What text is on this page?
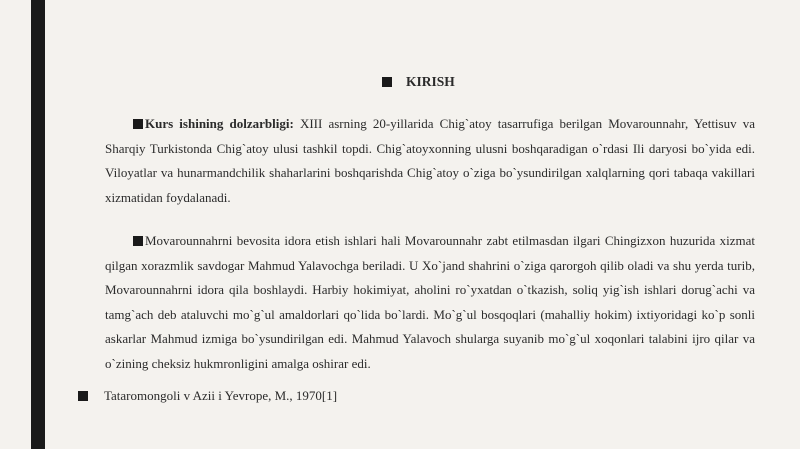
KIRISH

Kurs ishining dolzarbligi: XIII asrning 20-yillarida Chig`atoy tasarrufiga berilgan Movarounnahr, Yettisuv va Sharqiy Turkistonda Chig`atoy ulusi tashkil topdi. Chig`atoyxonning ulusni boshqaradigan o`rdasi Ili daryosi bo`yida edi. Viloyatlar va hunarmandchilik shaharlarini boshqarishda Chig`atoy o`ziga bo`ysundirilgan xalqlarning qori tabaqa vakillari xizmatidan foydalanadi.

Movarounnahrni bevosita idora etish ishlari hali Movarounnahr zabt etilmasdan ilgari Chingizxon huzurida xizmat qilgan xorazmlik savdogar Mahmud Yalavochga beriladi. U Xo`jand shahrini o`ziga qarorgoh qilib oladi va shu yerda turib, Movarounnahrni idora qila boshlaydi. Harbiy hokimiyat, aholini ro`yxatdan o`tkazish, soliq yig`ish ishlari dorug`achi va tamg`ach deb ataluvchi mo`g`ul amaldorlari qo`lida bo`lardi. Mo`g`ul bosqoqlari (mahalliy hokim) ixtiyoridagi ko`p sonli askarlar Mahmud izmiga bo`ysundirilgan edi. Mahmud Yalavoch shularga suyanib mo`g`ul xoqonlari talabini ijro qilar va o`zining cheksiz hukmronligini amalga oshirar edi.

Tataromongoli v Azii i Yevrope, M., 1970[1]
